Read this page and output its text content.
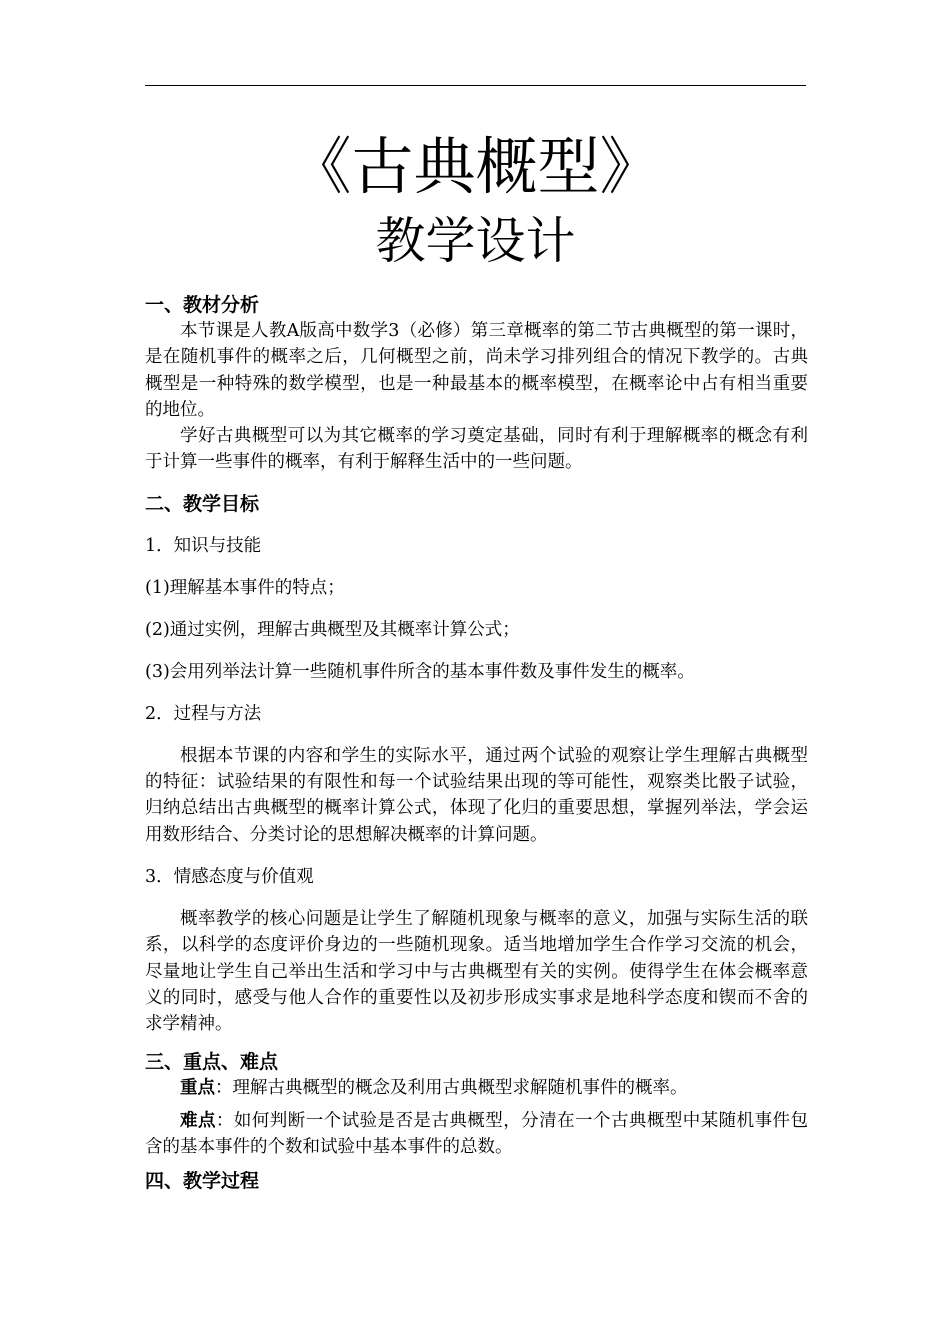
《古典概型》
教学设计
一、教材分析
本节课是人教A版高中数学3（必修）第三章概率的第二节古典概型的第一课时，是在随机事件的概率之后，几何概型之前，尚未学习排列组合的情况下教学的。古典概型是一种特殊的数学模型，也是一种最基本的概率模型，在概率论中占有相当重要的地位。
学好古典概型可以为其它概率的学习奠定基础，同时有利于理解概率的概念有利于计算一些事件的概率，有利于解释生活中的一些问题。
二、教学目标
1．知识与技能
(1)理解基本事件的特点；
(2)通过实例，理解古典概型及其概率计算公式；
(3)会用列举法计算一些随机事件所含的基本事件数及事件发生的概率。
2．过程与方法
根据本节课的内容和学生的实际水平，通过两个试验的观察让学生理解古典概型的特征：试验结果的有限性和每一个试验结果出现的等可能性，观察类比骰子试验，归纳总结出古典概型的概率计算公式，体现了化归的重要思想，掌握列举法，学会运用数形结合、分类讨论的思想解决概率的计算问题。
3．情感态度与价值观
概率教学的核心问题是让学生了解随机现象与概率的意义，加强与实际生活的联系，以科学的态度评价身边的一些随机现象。适当地增加学生合作学习交流的机会，尽量地让学生自己举出生活和学习中与古典概型有关的实例。使得学生在体会概率意义的同时，感受与他人合作的重要性以及初步形成实事求是地科学态度和锲而不舍的求学精神。
三、重点、难点
重点：理解古典概型的概念及利用古典概型求解随机事件的概率。
难点：如何判断一个试验是否是古典概型，分清在一个古典概型中某随机事件包含的基本事件的个数和试验中基本事件的总数。
四、教学过程
